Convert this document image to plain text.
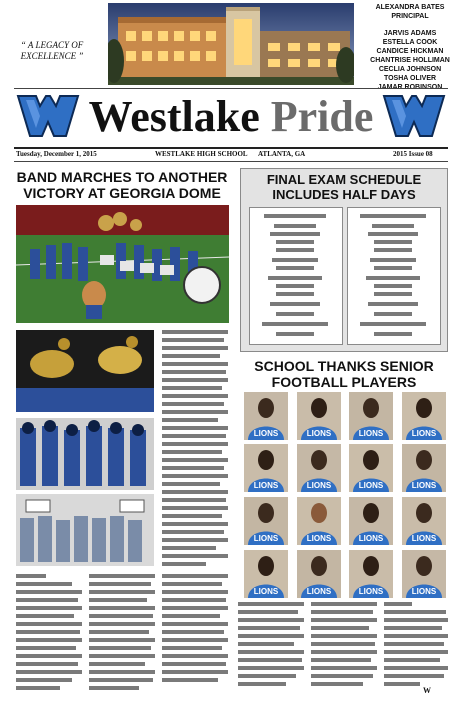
“ A LEGACY OF
EXCELLENCE ”
ALEXANDRA BATES
PRINCIPAL
JARVIS ADAMS
ESTELLA COOK
CANDICE HICKMAN
CHANTRISE HOLLIMAN
CECLIA JOHNSON
TOSHA OLIVER
Westlake Pride
Tuesday, December 1, 2015	WESTLAKE HIGH SCHOOL ATLANTA, GA	2015 Issue 08
BAND MARCHES TO ANOTHER
VICTORY AT GEORGIA DOME
FINAL EXAM SCHEDULE
INCLUDES HALF DAYS
SCHOOL THANKS SENIOR
FOOTBALL PLAYERS
LIONS	LIONS	LIONS	LIONS
LIONS	LIONS	LIONS	LIONS
LIONS	LIONS	LIONS	LIONS
LIONS	LIONS	LIONS	LIONS
W
